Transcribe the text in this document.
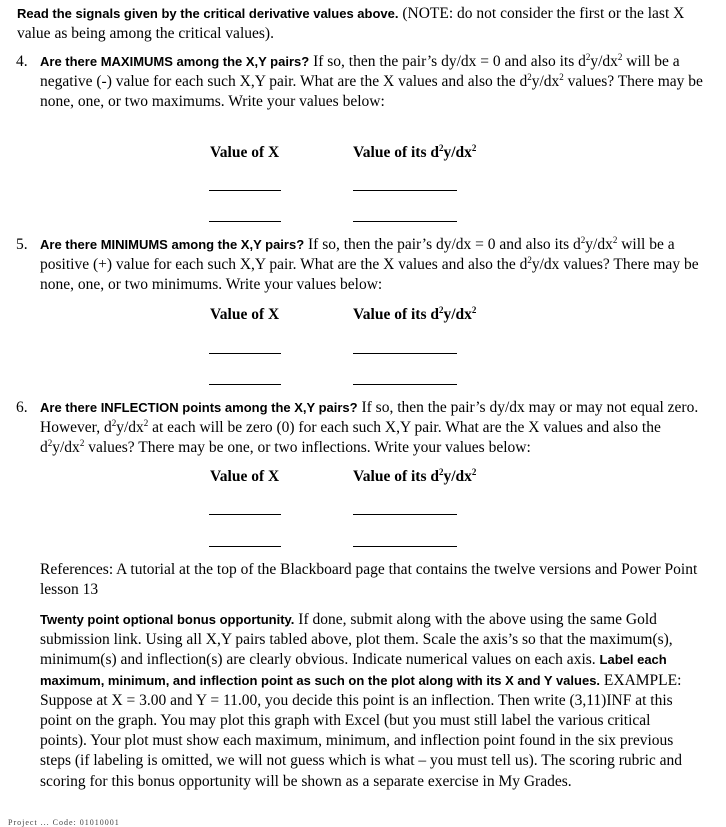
Read the signals given by the critical derivative values above. (NOTE: do not consider the first or the last X value as being among the critical values).
4. Are there MAXIMUMS among the X,Y pairs? If so, then the pair’s dy/dx = 0 and also its $d^2y/dx^2$ will be a negative (-) value for each such X,Y pair. What are the X values and also the $d^2y/dx^2$ values? There may be none, one, or two maximums. Write your values below:
Value of X	Value of its $d^2y/dx^2$
5. Are there MINIMUMS among the X,Y pairs? If so, then the pair’s dy/dx = 0 and also its $d^2y/dx^2$ will be a positive (+) value for each such X,Y pair. What are the X values and also the $d^2y/dx$ values? There may be none, one, or two minimums. Write your values below:
Value of X	Value of its $d^2y/dx^2$
6. Are there INFLECTION points among the X,Y pairs? If so, then the pair’s dy/dx may or may not equal zero. However, $d^2y/dx^2$ at each will be zero (0) for each such X,Y pair. What are the X values and also the $d^2y/dx^2$ values? There may be one, or two inflections. Write your values below:
Value of X	Value of its $d^2y/dx^2$
References: A tutorial at the top of the Blackboard page that contains the twelve versions and Power Point lesson 13
Twenty point optional bonus opportunity. If done, submit along with the above using the same Gold submission link. Using all X,Y pairs tabled above, plot them. Scale the axis’s so that the maximum(s), minimum(s) and inflection(s) are clearly obvious. Indicate numerical values on each axis. Label each maximum, minimum, and inflection point as such on the plot along with its X and Y values. EXAMPLE: Suppose at X = 3.00 and Y = 11.00, you decide this point is an inflection. Then write (3,11)INF at this point on the graph. You may plot this graph with Excel (but you must still label the various critical points). Your plot must show each maximum, minimum, and inflection point found in the six previous steps (if labeling is omitted, we will not guess which is what – you must tell us). The scoring rubric and scoring for this bonus opportunity will be shown as a separate exercise in My Grades.
Project ... Code: 01010001
